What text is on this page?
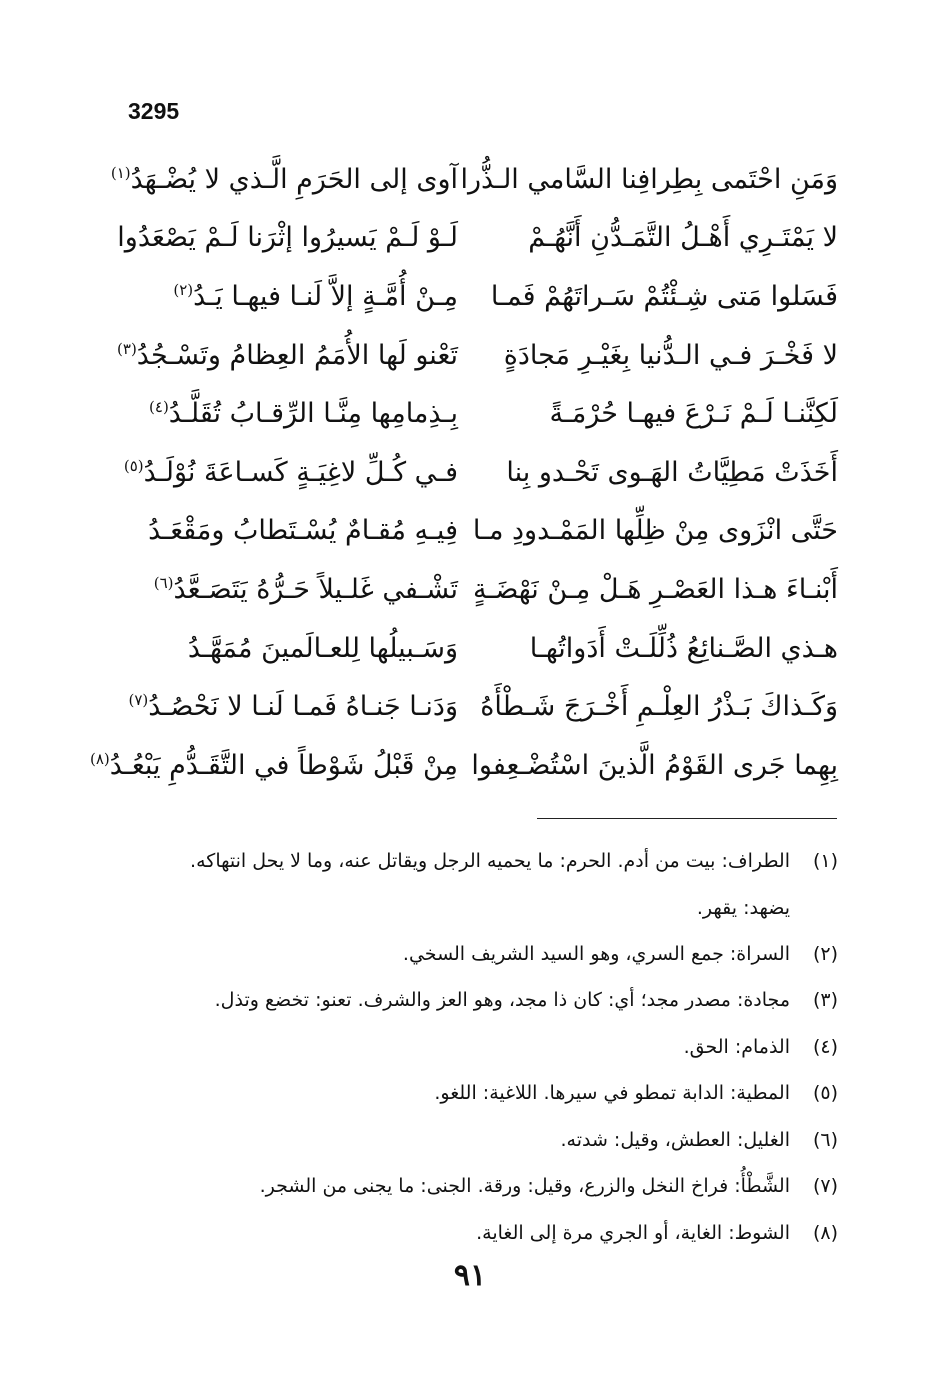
3295
وَمَنِ احْتَمى بِطِرافِنا السَّامي الـذُّرا
آوى إلى الحَرَمِ الَّـذي لا يُضْـهَدُ$^{(١)}$
لا يَمْتَـرِي أَهْـلُ التَّمَـدُّنِ أَنَّهُـمْ
لَـوْ لَـمْ يَسيرُوا إثْرَنا لَـمْ يَصْعَدُوا
فَسَلوا مَتى شِـئْتُمْ سَـراتَهُمْ فَمـا
مِـنْ أُمَّـةٍ إلاَّ لَنـا فيهـا يَـدُ$^{(٢)}$
لا فَخْـرَ فـي الـدُّنيا بِغَيْـرِ مَجادَةٍ
تَعْنو لَها الأُمَمُ العِظامُ وتَسْـجُدُ$^{(٣)}$
لَكِنَّنـا لَـمْ نَـرْعَ فيهـا حُرْمَـةً
بِـذِمامِها مِنَّـا الرِّقـابُ تُقَلَّـدُ$^{(٤)}$
أَخَذَتْ مَطِيَّاتُ الهَـوى تَحْـدو بِنا
فـي كُـلِّ لاغِيَـةٍ كَسـاعَةَ نُوْلَـدُ$^{(٥)}$
حَتَّى انْزَوى مِنْ ظِلِّها المَمْـدودِ مـا
فِيـهِ مُقـامٌ يُسْـتَطابُ ومَقْعَـدُ
أَبْنـاءَ هـذا العَصْـرِ هَـلْ مِـنْ نَهْضَـةٍ
تَشْـفي غَلـيلاً حَـرُّهُ يَتَصَـعَّدُ$^{(٦)}$
هـذي الصَّـنائِعُ ذُلِّلَـتْ أَدَواتُهـا
وَسَـبيلُها لِلعـالَمينَ مُمَهَّـدُ
وَكَـذاكَ بَـذْرُ العِلْـمِ أَخْـرَجَ شَـطْأَهُ
وَدَنـا جَنـاهُ فَمـا لَنـا لا نَحْصُـدُ$^{(٧)}$
بِهِما جَرى القَوْمُ الَّذينَ اسْتُضْـعِفوا
مِنْ قَبْلُ شَوْطاً في التَّقَـدُّمِ يَبْعُـدُ$^{(٨)}$
(١)
الطراف: بيت من أدم. الحرم: ما يحميه الرجل ويقاتل عنه، وما لا يحل انتهاكه.
يضهد: يقهر.
(٢)
السراة: جمع السري، وهو السيد الشريف السخي.
(٣)
مجادة: مصدر مجد؛ أي: كان ذا مجد، وهو العز والشرف. تعنو: تخضع وتذل.
(٤)
الذمام: الحق.
(٥)
المطية: الدابة تمطو في سيرها. اللاغية: اللغو.
(٦)
الغليل: العطش، وقيل: شدته.
(٧)
الشَّطْأُ: فراخ النخل والزرع، وقيل: ورقة. الجنى: ما يجنى من الشجر.
(٨)
الشوط: الغاية، أو الجري مرة إلى الغاية.
٩١
